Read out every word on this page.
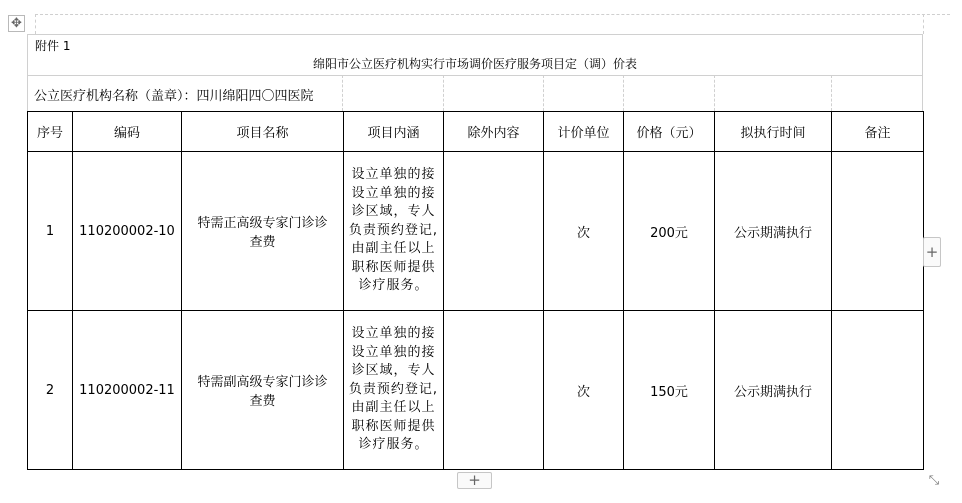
✥
附件 1
绵阳市公立医疗机构实行市场调价医疗服务项目定（调）价表
公立医疗机构名称（盖章）：四川绵阳四〇四医院
序号	编码	项目名称	项目内涵	除外内容	计价单位	价格（元）	拟执行时间	备注
1	110200002-10	特需正高级专家门诊诊查费	设立单独的接设立单独的接诊区域，专人负责预约登记,由副主任以上职称医师提供诊疗服务。		次	200元	公示期满执行	
2	110200002-11	特需副高级专家门诊诊查费	设立单独的接设立单独的接诊区域，专人负责预约登记,由副主任以上职称医师提供诊疗服务。		次	150元	公示期满执行	
+
+	⤡
